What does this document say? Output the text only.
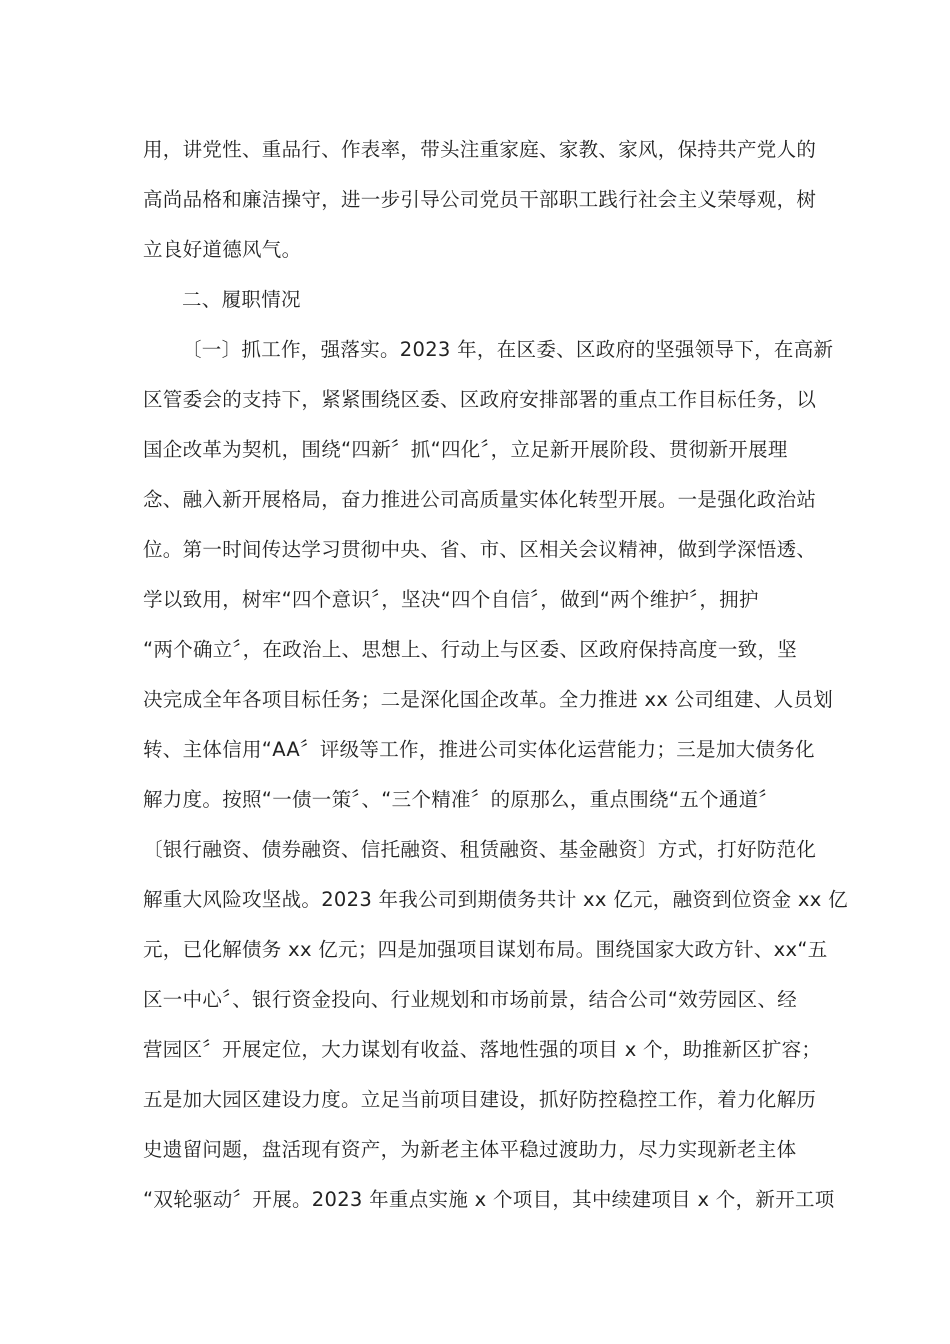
用，讲党性、重品行、作表率，带头注重家庭、家教、家风，保持共产党人的
高尚品格和廉洁操守，进一步引导公司党员干部职工践行社会主义荣辱观，树
立良好道德风气。
二、履职情况
〔一〕抓工作，强落实。2023 年，在区委、区政府的坚强领导下，在高新
区管委会的支持下，紧紧围绕区委、区政府安排部署的重点工作目标任务，以
国企改革为契机，围绕“四新〞抓“四化〞，立足新开展阶段、贯彻新开展理
念、融入新开展格局，奋力推进公司高质量实体化转型开展。一是强化政治站
位。第一时间传达学习贯彻中央、省、市、区相关会议精神，做到学深悟透、
学以致用，树牢“四个意识〞，坚决“四个自信〞，做到“两个维护〞，拥护
“两个确立〞，在政治上、思想上、行动上与区委、区政府保持高度一致，坚
决完成全年各项目标任务；二是深化国企改革。全力推进 xx 公司组建、人员划
转、主体信用“AA〞评级等工作，推进公司实体化运营能力；三是加大债务化
解力度。按照“一债一策〞、“三个精准〞的原那么，重点围绕“五个通道〞
〔银行融资、债券融资、信托融资、租赁融资、基金融资〕方式，打好防范化
解重大风险攻坚战。2023 年我公司到期债务共计 xx 亿元，融资到位资金 xx 亿
元，已化解债务 xx 亿元；四是加强项目谋划布局。围绕国家大政方针、xx“五
区一中心〞、银行资金投向、行业规划和市场前景，结合公司“效劳园区、经
营园区〞开展定位，大力谋划有收益、落地性强的项目 x 个，助推新区扩容；
五是加大园区建设力度。立足当前项目建设，抓好防控稳控工作，着力化解历
史遗留问题，盘活现有资产，为新老主体平稳过渡助力，尽力实现新老主体
“双轮驱动〞开展。2023 年重点实施 x 个项目，其中续建项目 x 个，新开工项
